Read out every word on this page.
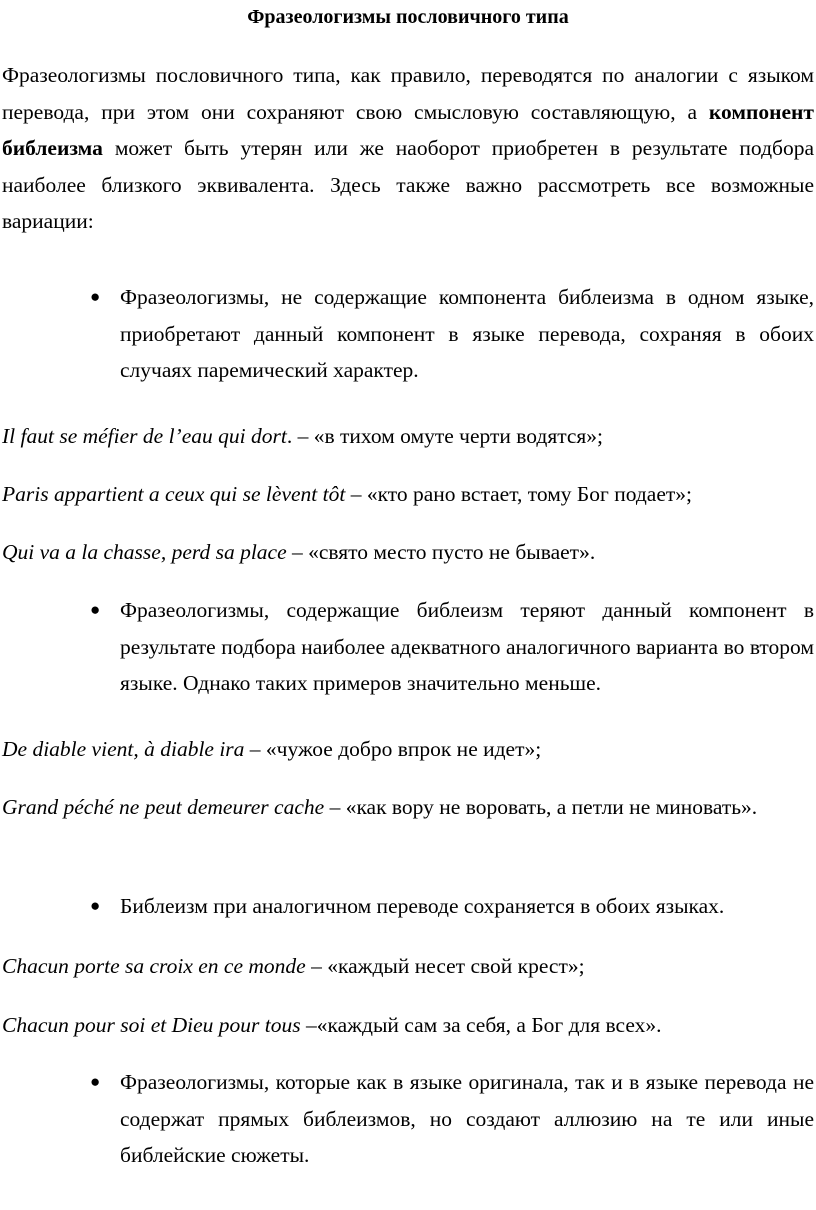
Фразеологизмы пословичного типа
Фразеологизмы пословичного типа, как правило, переводятся по аналогии с языком перевода, при этом они сохраняют свою смысловую составляющую, а компонент библеизма может быть утерян или же наоборот приобретен в результате подбора наиболее близкого эквивалента. Здесь также важно рассмотреть все возможные вариации:
● Фразеологизмы, не содержащие компонента библеизма в одном языке, приобретают данный компонент в языке перевода, сохраняя в обоих случаях паремический характер.
Il faut se méfier de l’eau qui dort. – «в тихом омуте черти водятся»;
Paris appartient a ceux qui se lèvent tôt – «кто рано встает, тому Бог подает»;
Qui va a la chasse, perd sa place – «свято место пусто не бывает».
● Фразеологизмы, содержащие библеизм теряют данный компонент в результате подбора наиболее адекватного аналогичного варианта во втором языке. Однако таких примеров значительно меньше.
De diable vient, à diable ira – «чужое добро впрок не идет»;
Grand péché ne peut demeurer cache – «как вору не воровать, а петли не миновать».
● Библеизм при аналогичном переводе сохраняется в обоих языках.
Chacun porte sa croix en ce monde – «каждый несет свой крест»;
Chacun pour soi et Dieu pour tous –«каждый сам за себя, а Бог для всех».
● Фразеологизмы, которые как в языке оригинала, так и в языке перевода не содержат прямых библеизмов, но создают аллюзию на те или иные библейские сюжеты.
